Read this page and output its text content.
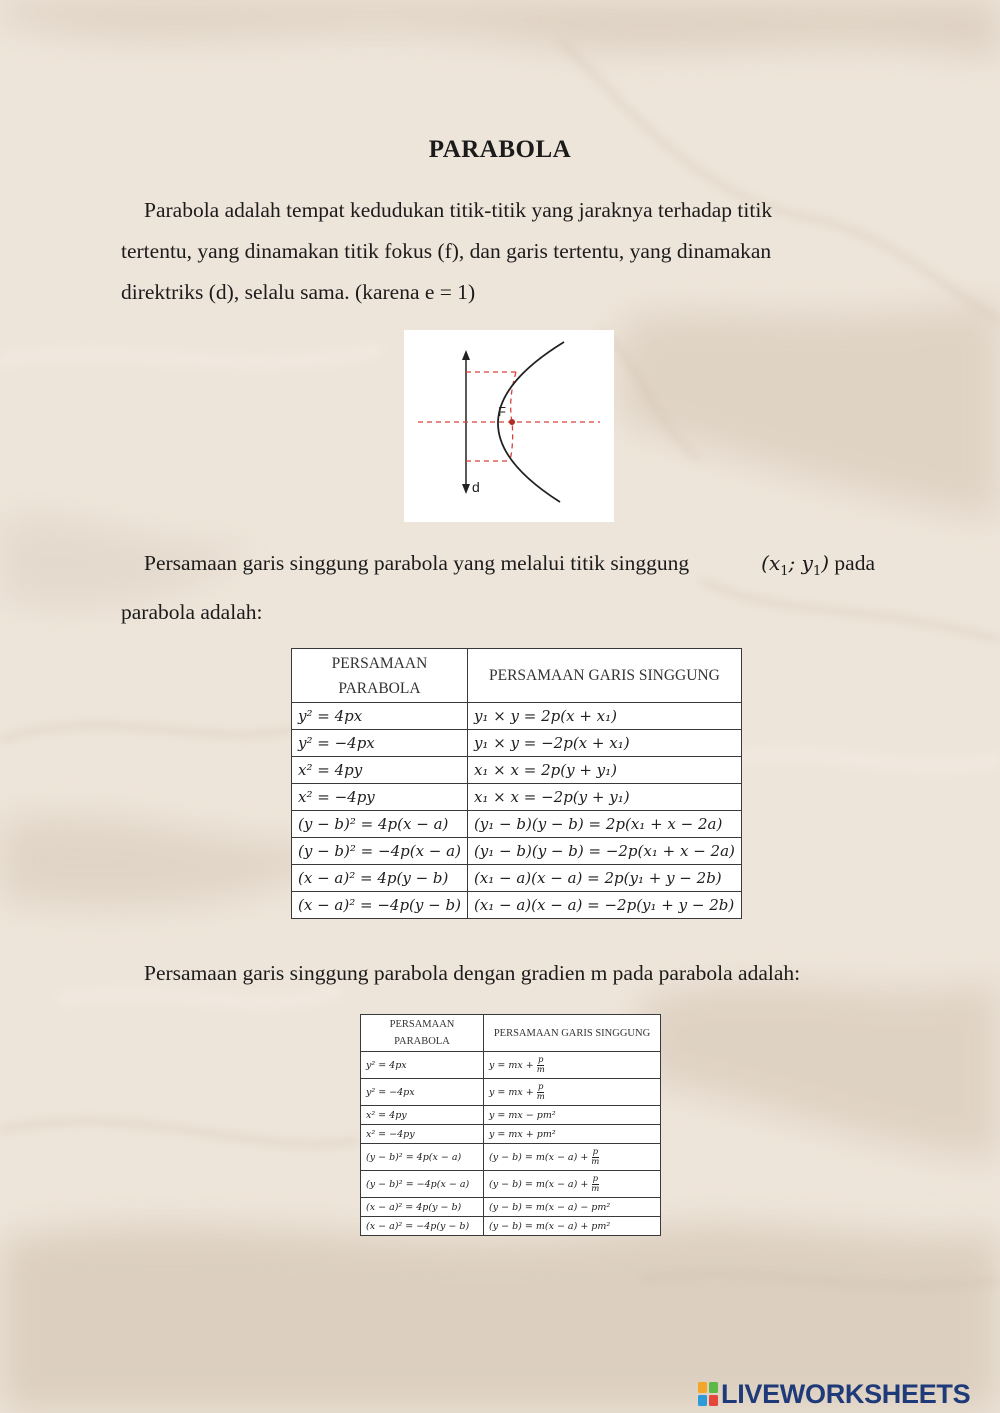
PARABOLA
Parabola adalah tempat kedudukan titik-titik yang jaraknya terhadap titik
tertentu, yang dinamakan titik fokus (f), dan garis tertentu, yang dinamakan
direktriks (d), selalu sama. (karena e = 1)
F
d
Persamaan garis singgung parabola yang melalui titik singgung	($x_1$; $y_1$) pada
parabola adalah:
PERSAMAAN
PARABOLA	PERSAMAAN GARIS SINGGUNG
y² = 4px	y₁ × y = 2p(x + x₁)
y² = −4px	y₁ × y = −2p(x + x₁)
x² = 4py	x₁ × x = 2p(y + y₁)
x² = −4py	x₁ × x = −2p(y + y₁)
(y − b)² = 4p(x − a)	(y₁ − b)(y − b) = 2p(x₁ + x − 2a)
(y − b)² = −4p(x − a)	(y₁ − b)(y − b) = −2p(x₁ + x − 2a)
(x − a)² = 4p(y − b)	(x₁ − a)(x − a) = 2p(y₁ + y − 2b)
(x − a)² = −4p(y − b)	(x₁ − a)(x − a) = −2p(y₁ + y − 2b)
Persamaan garis singgung parabola dengan gradien m pada parabola adalah:
PERSAMAAN
PARABOLA	PERSAMAAN GARIS SINGGUNG
y² = 4px	y = mx + $\frac{p}{m}$

y² = −4px	y = mx + $\frac{p}{m}$

x² = 4py	y = mx − pm²
x² = −4py	y = mx + pm²
(y − b)² = 4p(x − a)	$(y - b) = m(x - a) + \frac{p}{m}$

(y − b)² = −4p(x − a)	$(y - b) = m(x - a) + \frac{p}{m}$

(x − a)² = 4p(y − b)	(y − b) = m(x − a) − pm²
(x − a)² = −4p(y − b)	(y − b) = m(x − a) + pm²
LIVEWORKSHEETS
